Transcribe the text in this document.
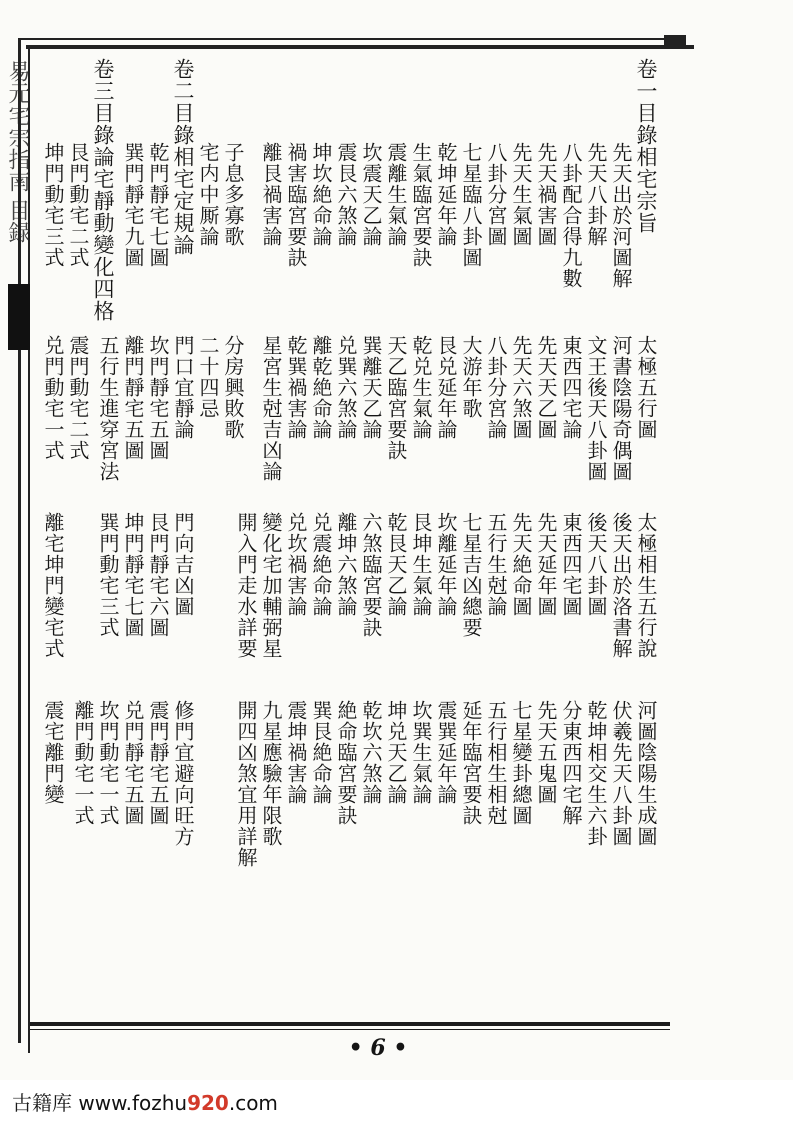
易元宅宗指南 目録	卷一目錄相宅宗旨
先天出於河圖解
先天八卦解
八卦配合得九數
先天禍害圖
先天生氣圖
八卦分宮圖
七星臨八卦圖
乾坤延年論
生氣臨宮要訣
震離生氣論
坎震天乙論
震艮六煞論
坤坎絶命論
禍害臨宮要訣
離艮禍害論
子息多寡歌
宅内中厮論
卷二目錄相宅定規論
乾門靜宅七圖
巽門靜宅九圖
卷三目錄論宅靜動變化四格
艮門動宅二式
坤門動宅三式
太極五行圖
河書陰陽奇偶圖
文王後天八卦圖
東西四宅論
先天天乙圖
先天六煞圖
八卦分宮論
大游年歌
艮兑延年論
乾兑生氣論
天乙臨宮要訣
巽離天乙論
兑巽六煞論
離乾絶命論
乾巽禍害論
星宮生尅吉凶論
分房興敗歌
二十四忌
門口宜靜論
坎門靜宅五圖
離門靜宅五圖
五行生進穿宮法
震門動宅二式
兑門動宅一式
太極相生五行說
後天出於洛書解
後天八卦圖
東西四宅圖
先天延年圖
先天絶命圖
五行生尅論
七星吉凶總要
坎離延年論
艮坤生氣論
乾艮天乙論
六煞臨宮要訣
離坤六煞論
兑震絶命論
兑坎禍害論
變化宅加輔弼星
開入門走水詳要
門向吉凶圖
艮門靜宅六圖
坤門靜宅七圖
巽門動宅三式
離宅坤門變宅式
河圖陰陽生成圖
伏羲先天八卦圖
乾坤相交生六卦
分東西四宅解
先天五鬼圖
七星變卦總圖
五行相生相尅
延年臨宮要訣
震巽延年論
坎巽生氣論
坤兑天乙論
乾坎六煞論
絶命臨宮要訣
巽艮絶命論
震坤禍害論
九星應驗年限歌
開四凶煞宜用詳解
修門宜避向旺方
震門靜宅五圖
兑門靜宅五圖
坎門動宅一式
離門動宅一式
震宅離門變
• 6 •
古籍库 www.fozhu920.com
